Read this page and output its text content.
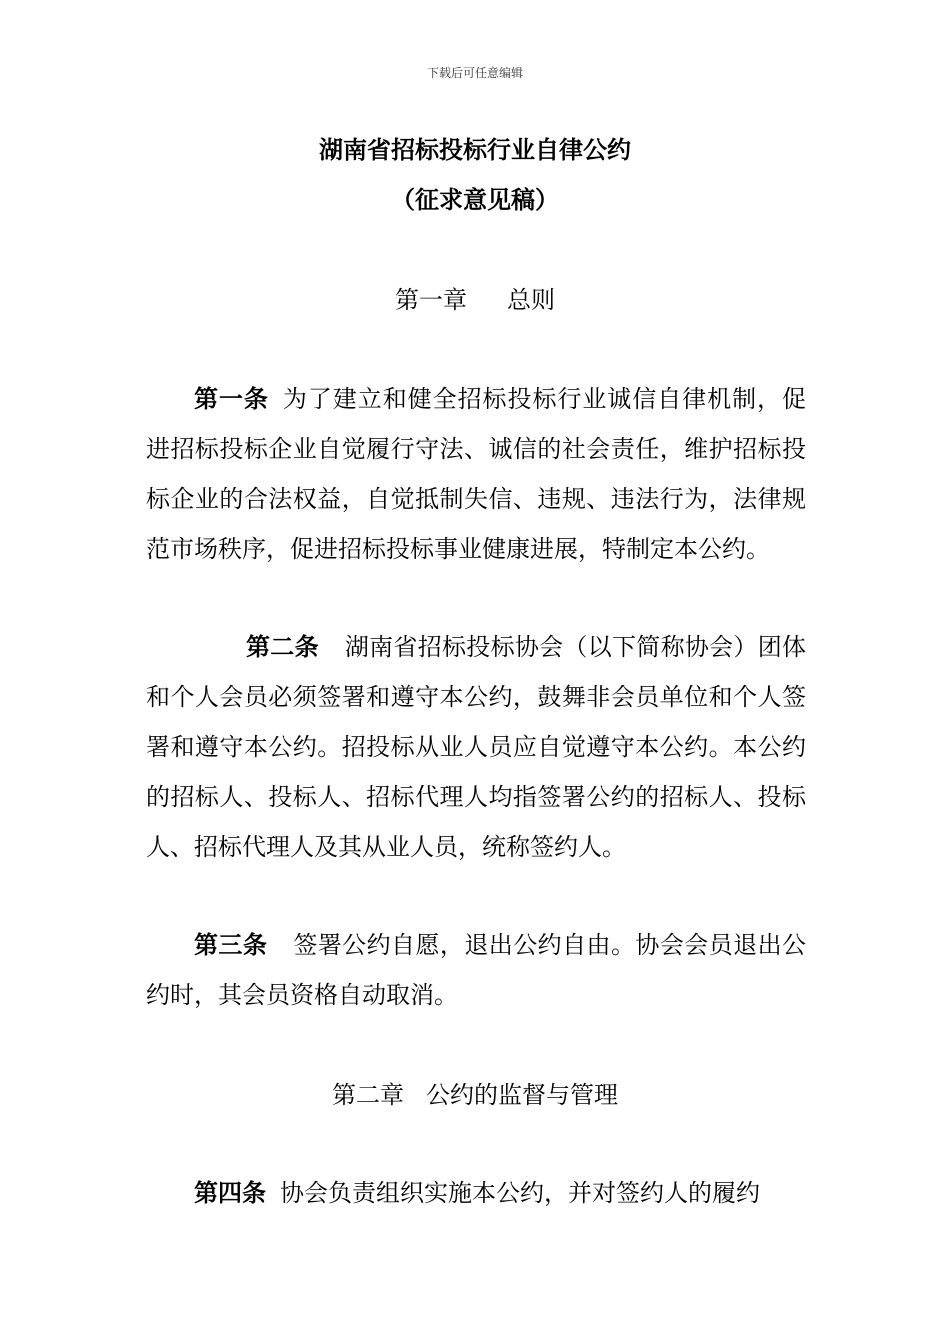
下载后可任意编辑
湖南省招标投标行业自律公约
（征求意见稿）
第一章 总则
第一条 为了建立和健全招标投标行业诚信自律机制，促进招标投标企业自觉履行守法、诚信的社会责任，维护招标投标企业的合法权益，自觉抵制失信、违规、违法行为，法律规范市场秩序，促进招标投标事业健康进展，特制定本公约。
第二条 湖南省招标投标协会（以下简称协会）团体和个人会员必须签署和遵守本公约，鼓舞非会员单位和个人签署和遵守本公约。招投标从业人员应自觉遵守本公约。本公约的招标人、投标人、招标代理人均指签署公约的招标人、投标人、招标代理人及其从业人员，统称签约人。
第三条 签署公约自愿，退出公约自由。协会会员退出公约时，其会员资格自动取消。
第二章 公约的监督与管理
第四条 协会负责组织实施本公约，并对签约人的履约
